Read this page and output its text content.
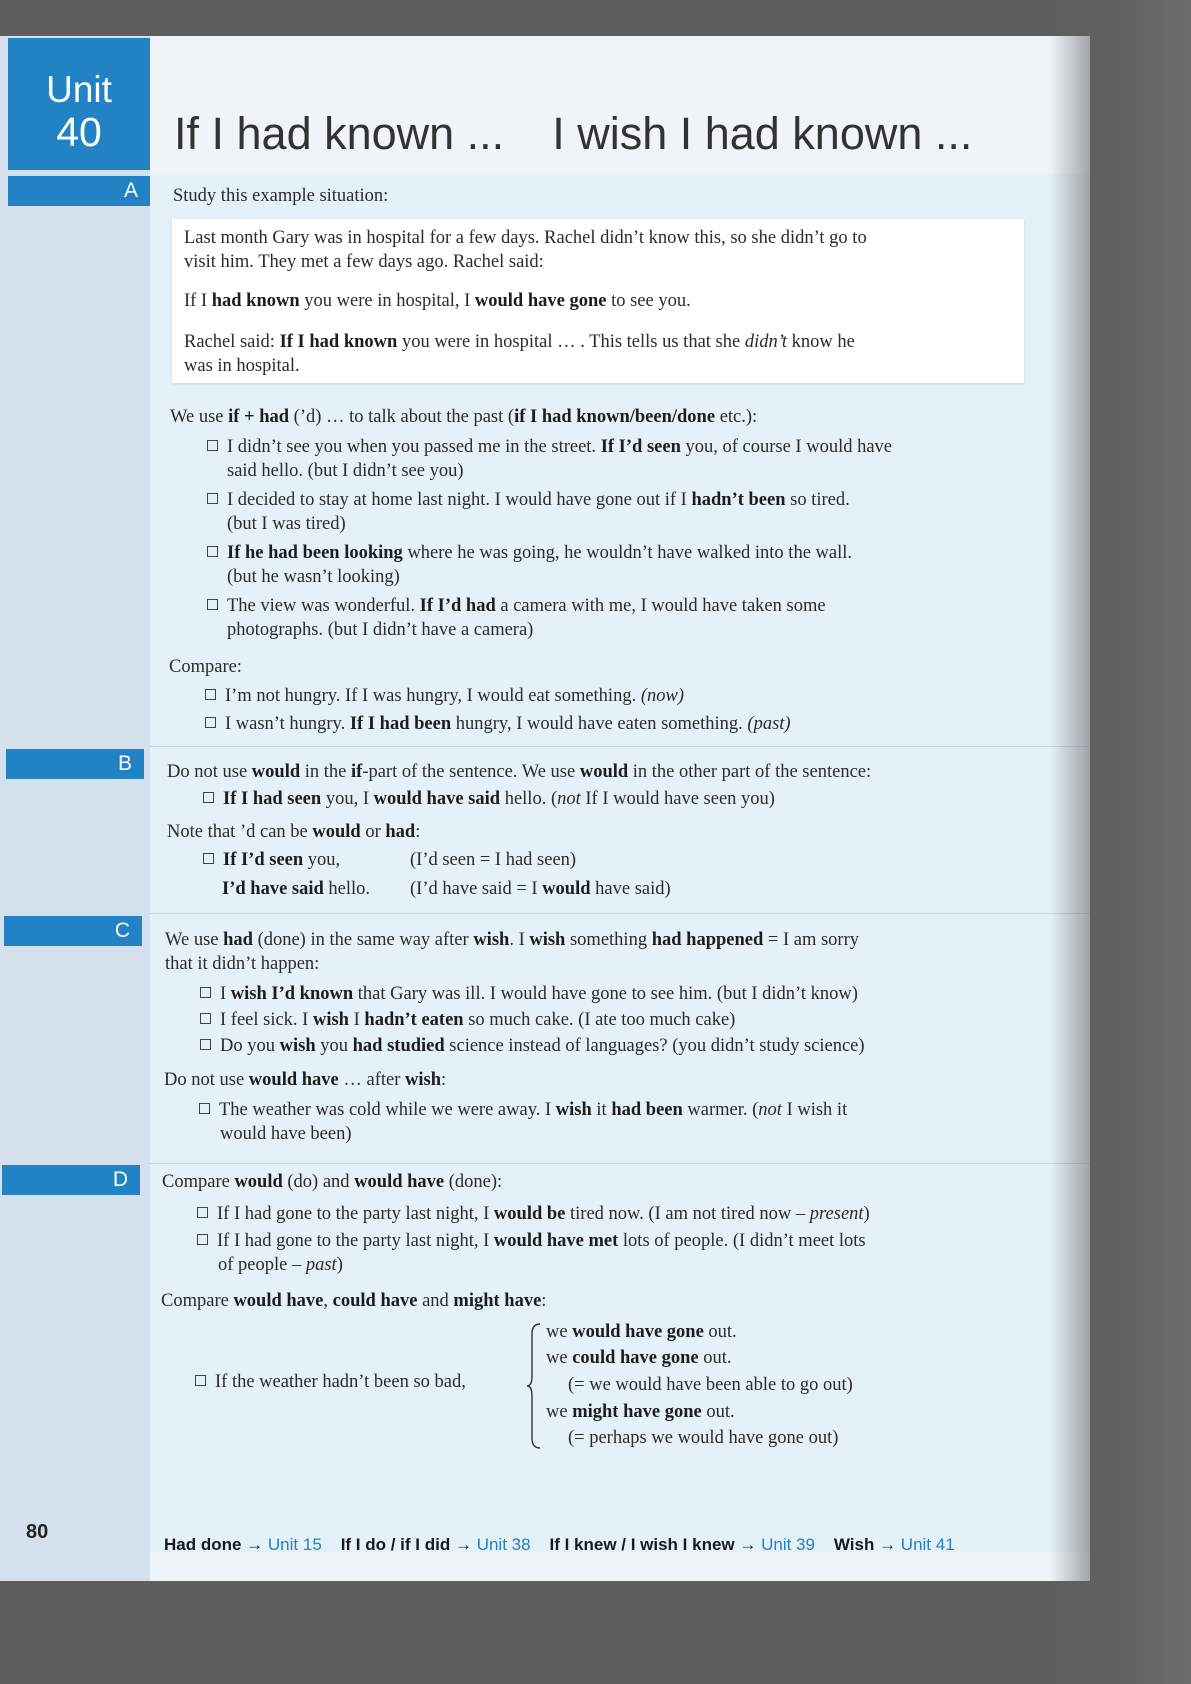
Unit
40	If I had known ... I wish I had known ...
A
B
C
D
Study this example situation:
Last month Gary was in hospital for a few days. Rachel didn’t know this, so she didn’t go to
visit him. They met a few days ago. Rachel said:
If I had known you were in hospital, I would have gone to see you.
Rachel said: If I had known you were in hospital … . This tells us that she didn’t know he
was in hospital.
We use if + had (’d) … to talk about the past (if I had known/been/done etc.):
I didn’t see you when you passed me in the street. If I’d seen you, of course I would have
said hello. (but I didn’t see you)
I decided to stay at home last night. I would have gone out if I hadn’t been so tired.
(but I was tired)
If he had been looking where he was going, he wouldn’t have walked into the wall.
(but he wasn’t looking)
The view was wonderful. If I’d had a camera with me, I would have taken some
photographs. (but I didn’t have a camera)
Compare:
I’m not hungry. If I was hungry, I would eat something. (now)
I wasn’t hungry. If I had been hungry, I would have eaten something. (past)
Do not use would in the if-part of the sentence. We use would in the other part of the sentence:
If I had seen you, I would have said hello. (not If I would have seen you)
Note that ’d can be would or had:
If I’d seen you,	(I’d seen = I had seen)
I’d have said hello. (I’d have said = I would have said)
We use had (done) in the same way after wish. I wish something had happened = I am sorry
that it didn’t happen:
I wish I’d known that Gary was ill. I would have gone to see him. (but I didn’t know)
I feel sick. I wish I hadn’t eaten so much cake. (I ate too much cake)
Do you wish you had studied science instead of languages? (you didn’t study science)
Do not use would have … after wish:
The weather was cold while we were away. I wish it had been warmer. (not I wish it
would have been)
Compare would (do) and would have (done):
If I had gone to the party last night, I would be tired now. (I am not tired now – present)
If I had gone to the party last night, I would have met lots of people. (I didn’t meet lots
of people – past)
Compare would have, could have and might have:
If the weather hadn’t been so bad,
we would have gone out.
we could have gone out.
(= we would have been able to go out)
we might have gone out.
(= perhaps we would have gone out)
80
Had done → Unit 15 If I do / if I did → Unit 38 If I knew / I wish I knew → Unit 39 Wish → Unit 41
